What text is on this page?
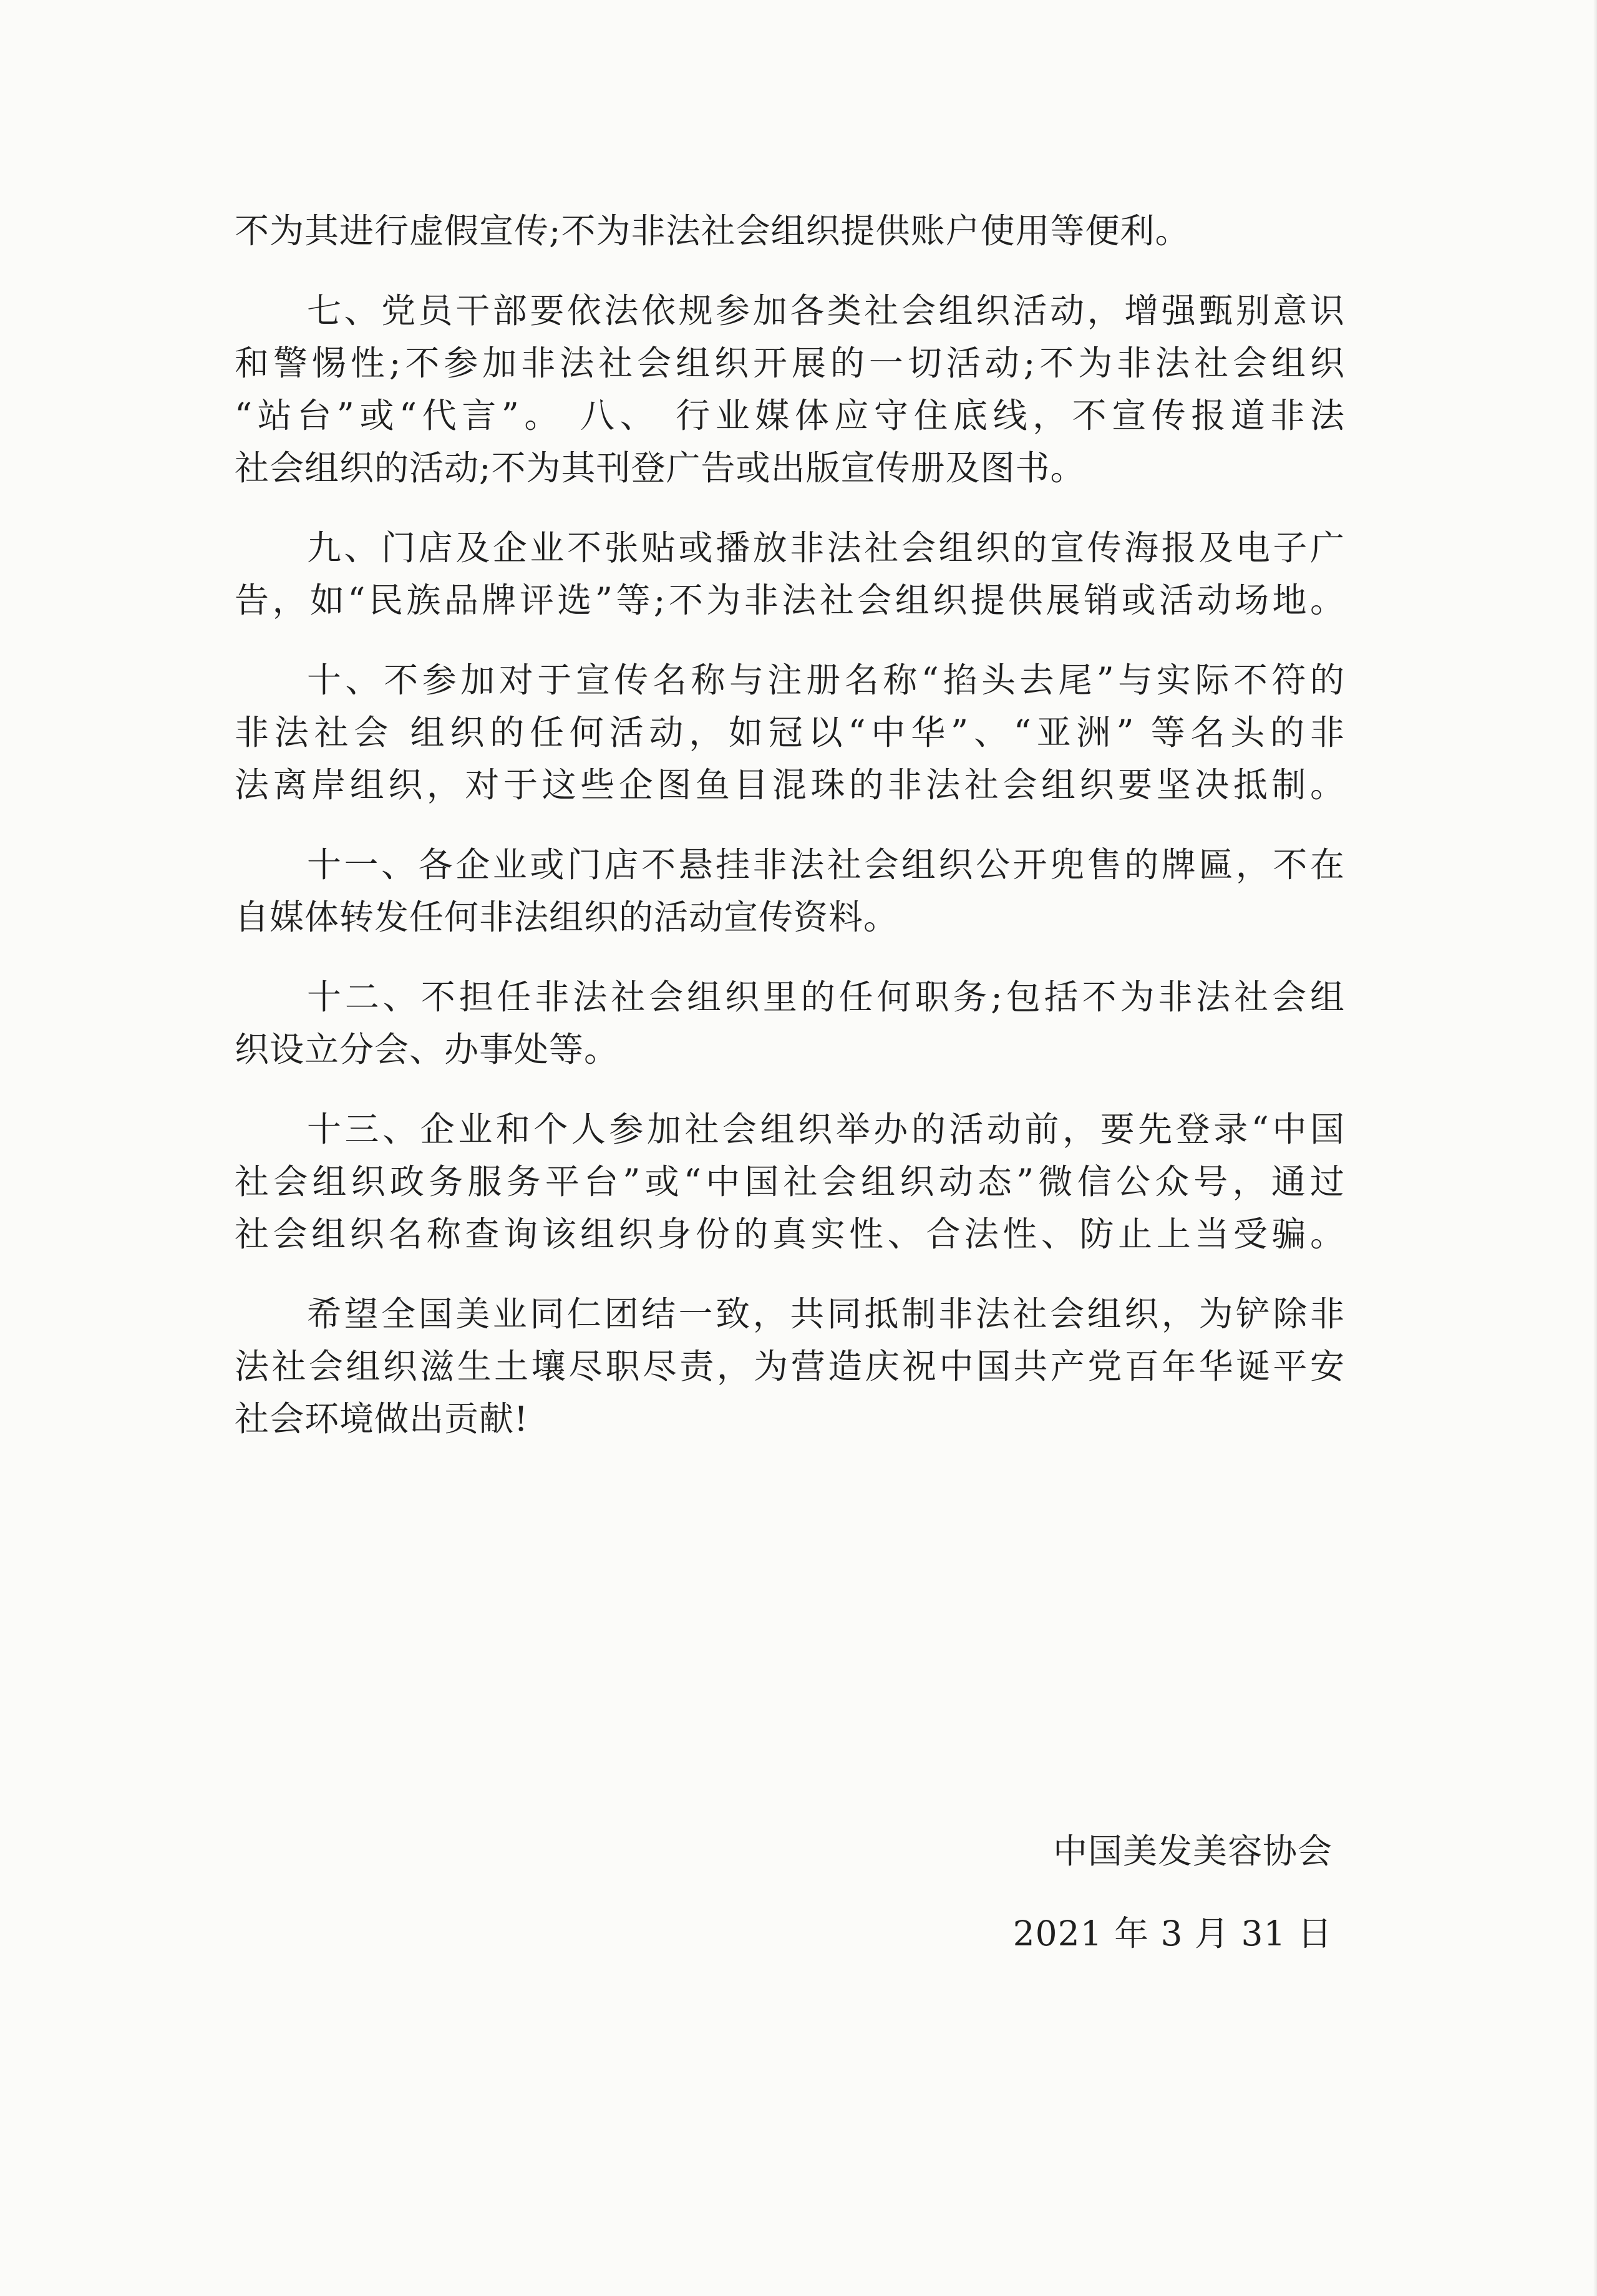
不为其进行虚假宣传;不为非法社会组织提供账户使用等便利。
七、党员干部要依法依规参加各类社会组织活动，增强甄别意识
和警惕性;不参加非法社会组织开展的一切活动;不为非法社会组织
“站台”或“代言”。 八、 行业媒体应守住底线，不宣传报道非法
社会组织的活动;不为其刊登广告或出版宣传册及图书。
九、门店及企业不张贴或播放非法社会组织的宣传海报及电子广
告，如“民族品牌评选”等;不为非法社会组织提供展销或活动场地。
十、不参加对于宣传名称与注册名称“掐头去尾”与实际不符的
非法社会 组织的任何活动，如冠以“中华”、“亚洲” 等名头的非
法离岸组织，对于这些企图鱼目混珠的非法社会组织要坚决抵制。
十一、各企业或门店不悬挂非法社会组织公开兜售的牌匾，不在
自媒体转发任何非法组织的活动宣传资料。
十二、不担任非法社会组织里的任何职务;包括不为非法社会组
织设立分会、办事处等。
十三、企业和个人参加社会组织举办的活动前，要先登录“中国
社会组织政务服务平台”或“中国社会组织动态”微信公众号，通过
社会组织名称查询该组织身份的真实性、合法性、防止上当受骗。
希望全国美业同仁团结一致，共同抵制非法社会组织，为铲除非
法社会组织滋生土壤尽职尽责，为营造庆祝中国共产党百年华诞平安
社会环境做出贡献!
中国美发美容协会
2021 年 3 月 31 日
